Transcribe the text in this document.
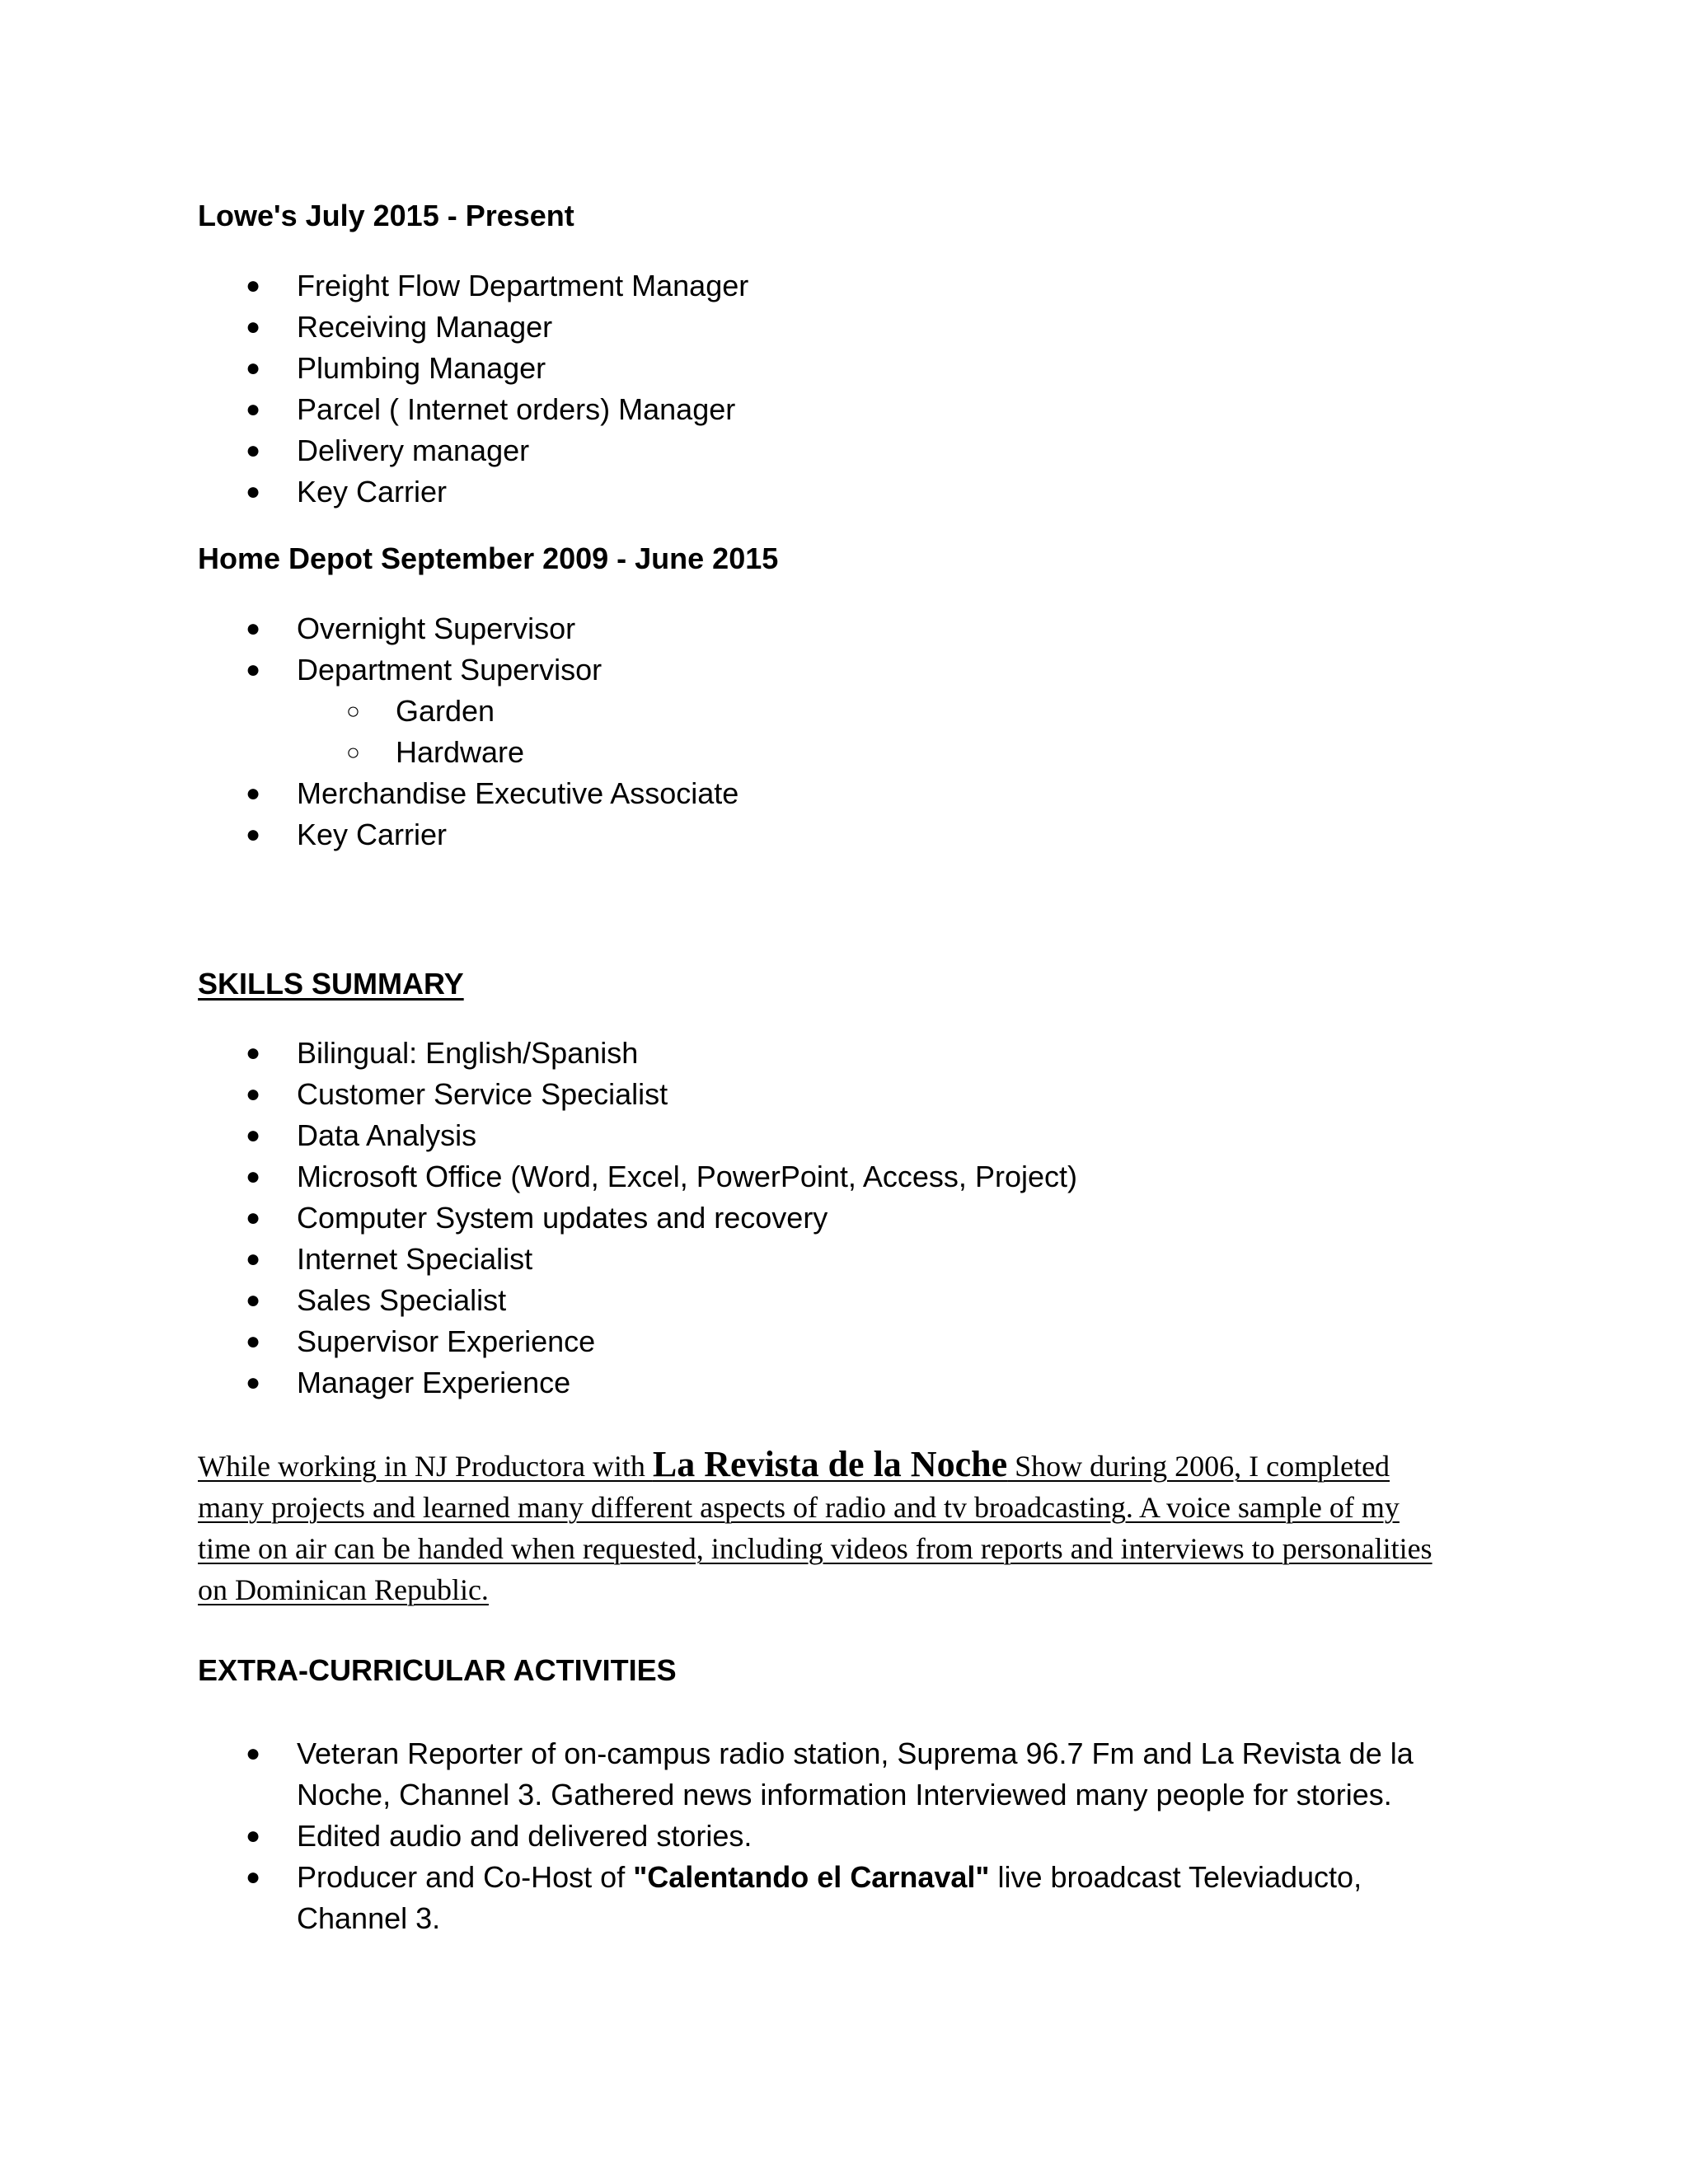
Lowe's July 2015 - Present
● Freight Flow Department Manager
● Receiving Manager
● Plumbing Manager
● Parcel ( Internet orders) Manager
● Delivery manager
● Key Carrier
Home Depot September 2009 - June 2015
● Overnight Supervisor
● Department Supervisor
○ Garden
○ Hardware
● Merchandise Executive Associate
● Key Carrier
SKILLS SUMMARY
● Bilingual: English/Spanish
● Customer Service Specialist
● Data Analysis
● Microsoft Office (Word, Excel, PowerPoint, Access, Project)
● Computer System updates and recovery
● Internet Specialist
● Sales Specialist
● Supervisor Experience
● Manager Experience

While working in NJ Productora with La Revista de la Noche Show during 2006, I completed many projects and learned many different aspects of radio and tv broadcasting. A voice sample of my time on air can be handed when requested, including videos from reports and interviews to personalities on Dominican Republic.

EXTRA-CURRICULAR ACTIVITIES
● Veteran Reporter of on-campus radio station, Suprema 96.7 Fm and La Revista de la Noche, Channel 3. Gathered news information Interviewed many people for stories.
● Edited audio and delivered stories.
● Producer and Co-Host of "Calentando el Carnaval" live broadcast Televiaducto, Channel 3.
